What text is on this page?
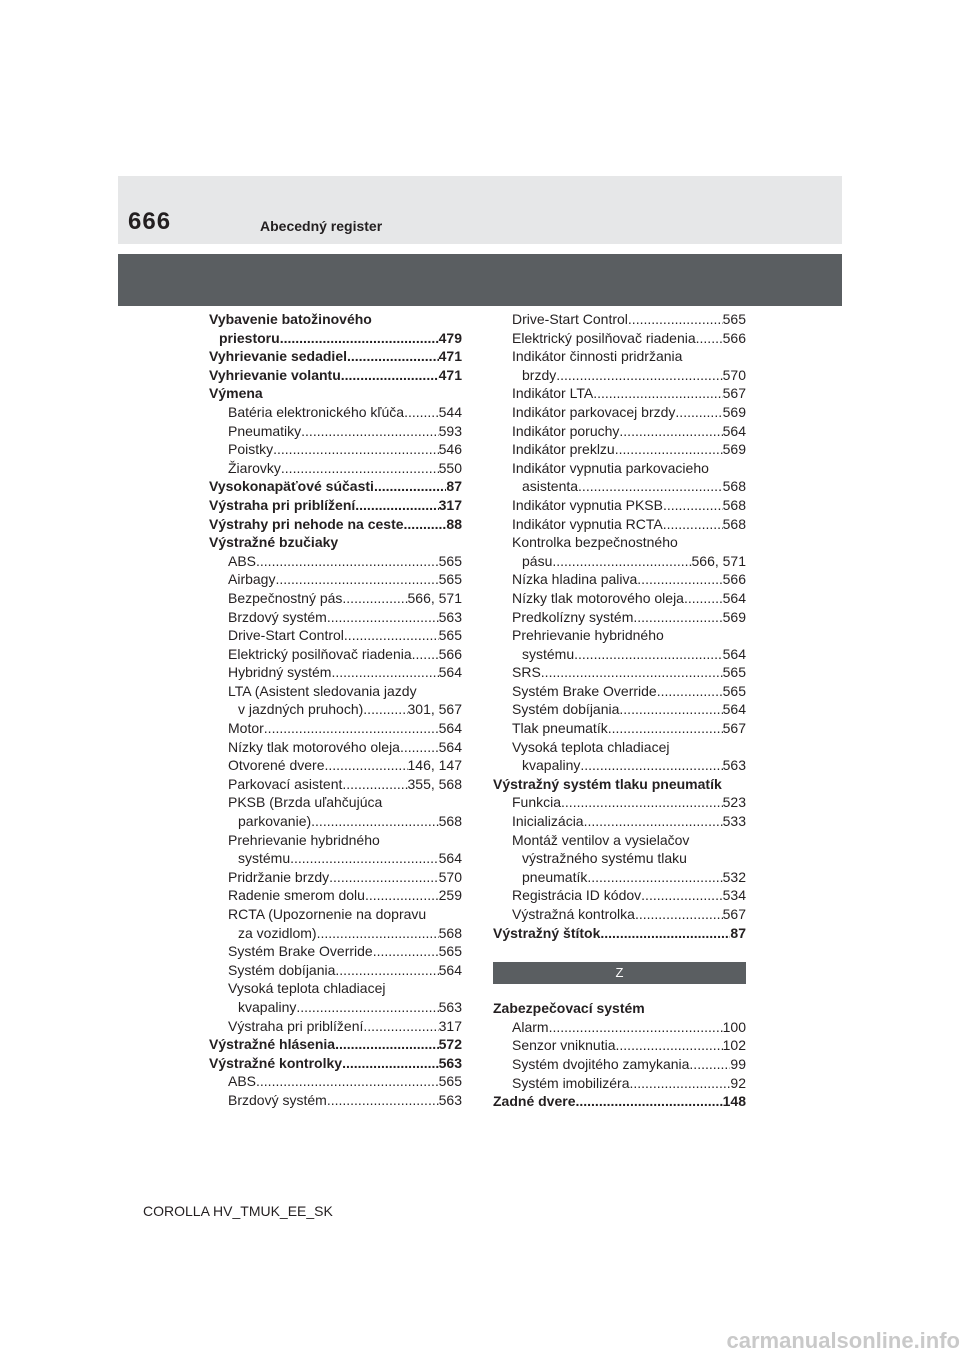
666	Abecedný register
Vybavenie batožinového
priestoru .....	479
Vyhrievanie sedadiel .....	471
Vyhrievanie volantu .....	471
Výmena
Batéria elektronického kľúča ..... 544
Pneumatiky .....	593
Poistky .....	546
Žiarovky .....	550
Vysokonapäťové súčasti .....	87
Výstraha pri priblížení .....	317
Výstrahy pri nehode na ceste .....	88
Výstražné bzučiaky
ABS .....	565
Airbagy .....	565
Bezpečnostný pás .....	566, 571
Brzdový systém .....	563
Drive-Start Control .....	565
Elektrický posilňovač riadenia ..... 566
Hybridný systém .....	564
LTA (Asistent sledovania jazdy
v jazdných pruhoch) .....	301, 567
Motor .....	564
Nízky tlak motorového oleja .....	564
Otvorené dvere .....	146, 147
Parkovací asistent .....	355, 568
PKSB (Brzda uľahčujúca
parkovanie) .....	568
Prehrievanie hybridného
systému .....	564
Pridržanie brzdy .....	570
Radenie smerom dolu .....	259
RCTA (Upozornenie na dopravu
za vozidlom) .....	568
Systém Brake Override .....	565
Systém dobíjania .....	564
Vysoká teplota chladiacej
kvapaliny .....	563
Výstraha pri priblížení .....	317
Výstražné hlásenia .....	572
Výstražné kontrolky .....	563
ABS .....	565
Brzdový systém .....	563
Drive-Start Control .....	565
Elektrický posilňovač riadenia ..... 566
Indikátor činnosti pridržania
brzdy .....	570
Indikátor LTA .....	567
Indikátor parkovacej brzdy .....	569
Indikátor poruchy .....	564
Indikátor preklzu .....	569
Indikátor vypnutia parkovacieho
asistenta .....	568
Indikátor vypnutia PKSB .....	568
Indikátor vypnutia RCTA .....	568
Kontrolka bezpečnostného
pásu .....	566, 571
Nízka hladina paliva .....	566
Nízky tlak motorového oleja .....	564
Predkolízny systém .....	569
Prehrievanie hybridného
systému .....	564
SRS .....	565
Systém Brake Override .....	565
Systém dobíjania .....	564
Tlak pneumatík .....	567
Vysoká teplota chladiacej
kvapaliny .....	563
Výstražný systém tlaku pneumatík
Funkcia .....	523
Inicializácia .....	533
Montáž ventilov a vysielačov
výstražného systému tlaku
pneumatík .....	532
Registrácia ID kódov .....	534
Výstražná kontrolka .....	567
Výstražný štítok .....	87
Z
Zabezpečovací systém
Alarm .....	100
Senzor vniknutia .....	102
Systém dvojitého zamykania .....	99
Systém imobilizéra .....	92
Zadné dvere .....	148
COROLLA HV_TMUK_EE_SK
carmanualsonline.info
